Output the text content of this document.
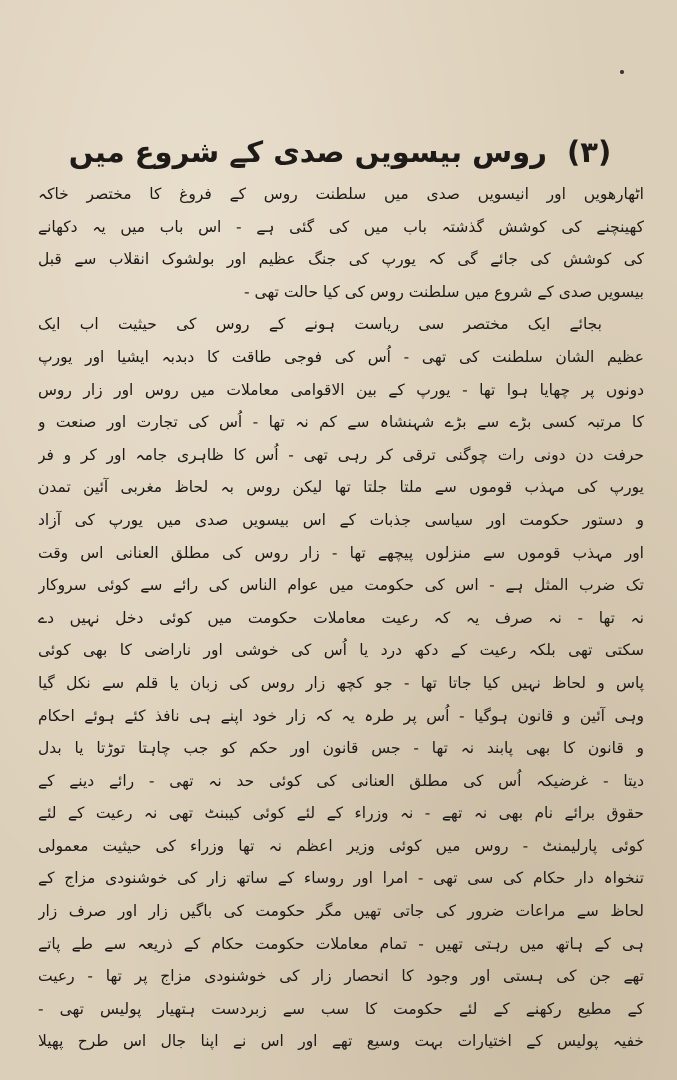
(۳) روس بیسویں صدی کے شروع میں
اٹھارھویں اور انیسویں صدی میں سلطنت روس کے فروغ کا مختصر خاکہ
کھینچنے کی کوشش گذشتہ باب میں کی گئی ہے - اس باب میں یہ دکھانے
کی کوشش کی جائے گی کہ یورپ کی جنگ عظیم اور بولشوک انقلاب سے قبل
بیسویں صدی کے شروع میں سلطنت روس کی کیا حالت تھی -
بجائے ایک مختصر سی ریاست ہونے کے روس کی حیثیت اب ایک
عظیم الشان سلطنت کی تھی - اُس کی فوجی طاقت کا دبدبہ ایشیا اور یورپ
دونوں پر چھایا ہوا تھا - یورپ کے بین الاقوامی معاملات میں روس اور زار روس
کا مرتبہ کسی بڑے سے بڑے شہنشاہ سے کم نہ تھا - اُس کی تجارت اور صنعت و
حرفت دن دونی رات چوگنی ترقی کر رہی تھی - اُس کا ظاہری جامہ اور کر و فر
یورپ کی مہذب قوموں سے ملتا جلتا تھا لیکن روس بہ لحاظ مغربی آئین تمدن
و دستور حکومت اور سیاسی جذبات کے اس بیسویں صدی میں یورپ کی آزاد
اور مہذب قوموں سے منزلوں پیچھے تھا - زار روس کی مطلق العنانی اس وقت
تک ضرب المثل ہے - اس کی حکومت میں عوام الناس کی رائے سے کوئی سروکار
نہ تھا - نہ صرف یہ کہ رعیت معاملات حکومت میں کوئی دخل نہیں دے
سکتی تھی بلکہ رعیت کے دکھ درد یا اُس کی خوشی اور ناراضی کا بھی کوئی
پاس و لحاظ نہیں کیا جاتا تھا - جو کچھ زار روس کی زبان یا قلم سے نکل گیا
وہی آئین و قانون ہوگیا - اُس پر طرہ یہ کہ زار خود اپنے ہی نافذ کئے ہوئے احکام
و قانون کا بھی پابند نہ تھا - جس قانون اور حکم کو جب چاہتا توڑتا یا بدل
دیتا - غرضیکہ اُس کی مطلق العنانی کی کوئی حد نہ تھی - رائے دینے کے
حقوق برائے نام بھی نہ تھے - نہ وزراء کے لئے کوئی کیبنٹ تھی نہ رعیت کے لئے
کوئی پارلیمنٹ - روس میں کوئی وزیر اعظم نہ تھا وزراء کی حیثیت معمولی
تنخواہ دار حکام کی سی تھی - امرا اور روساء کے ساتھ زار کی خوشنودی مزاج کے
لحاظ سے مراعات ضرور کی جاتی تھیں مگر حکومت کی باگیں زار اور صرف زار
ہی کے ہاتھ میں رہتی تھیں - تمام معاملات حکومت حکام کے ذریعہ سے طے پاتے
تھے جن کی ہستی اور وجود کا انحصار زار کی خوشنودی مزاج پر تھا - رعیت
کے مطیع رکھنے کے لئے حکومت کا سب سے زبردست ہتھیار پولیس تھی -
خفیہ پولیس کے اختیارات بہت وسیع تھے اور اس نے اپنا جال اس طرح پھیلا
